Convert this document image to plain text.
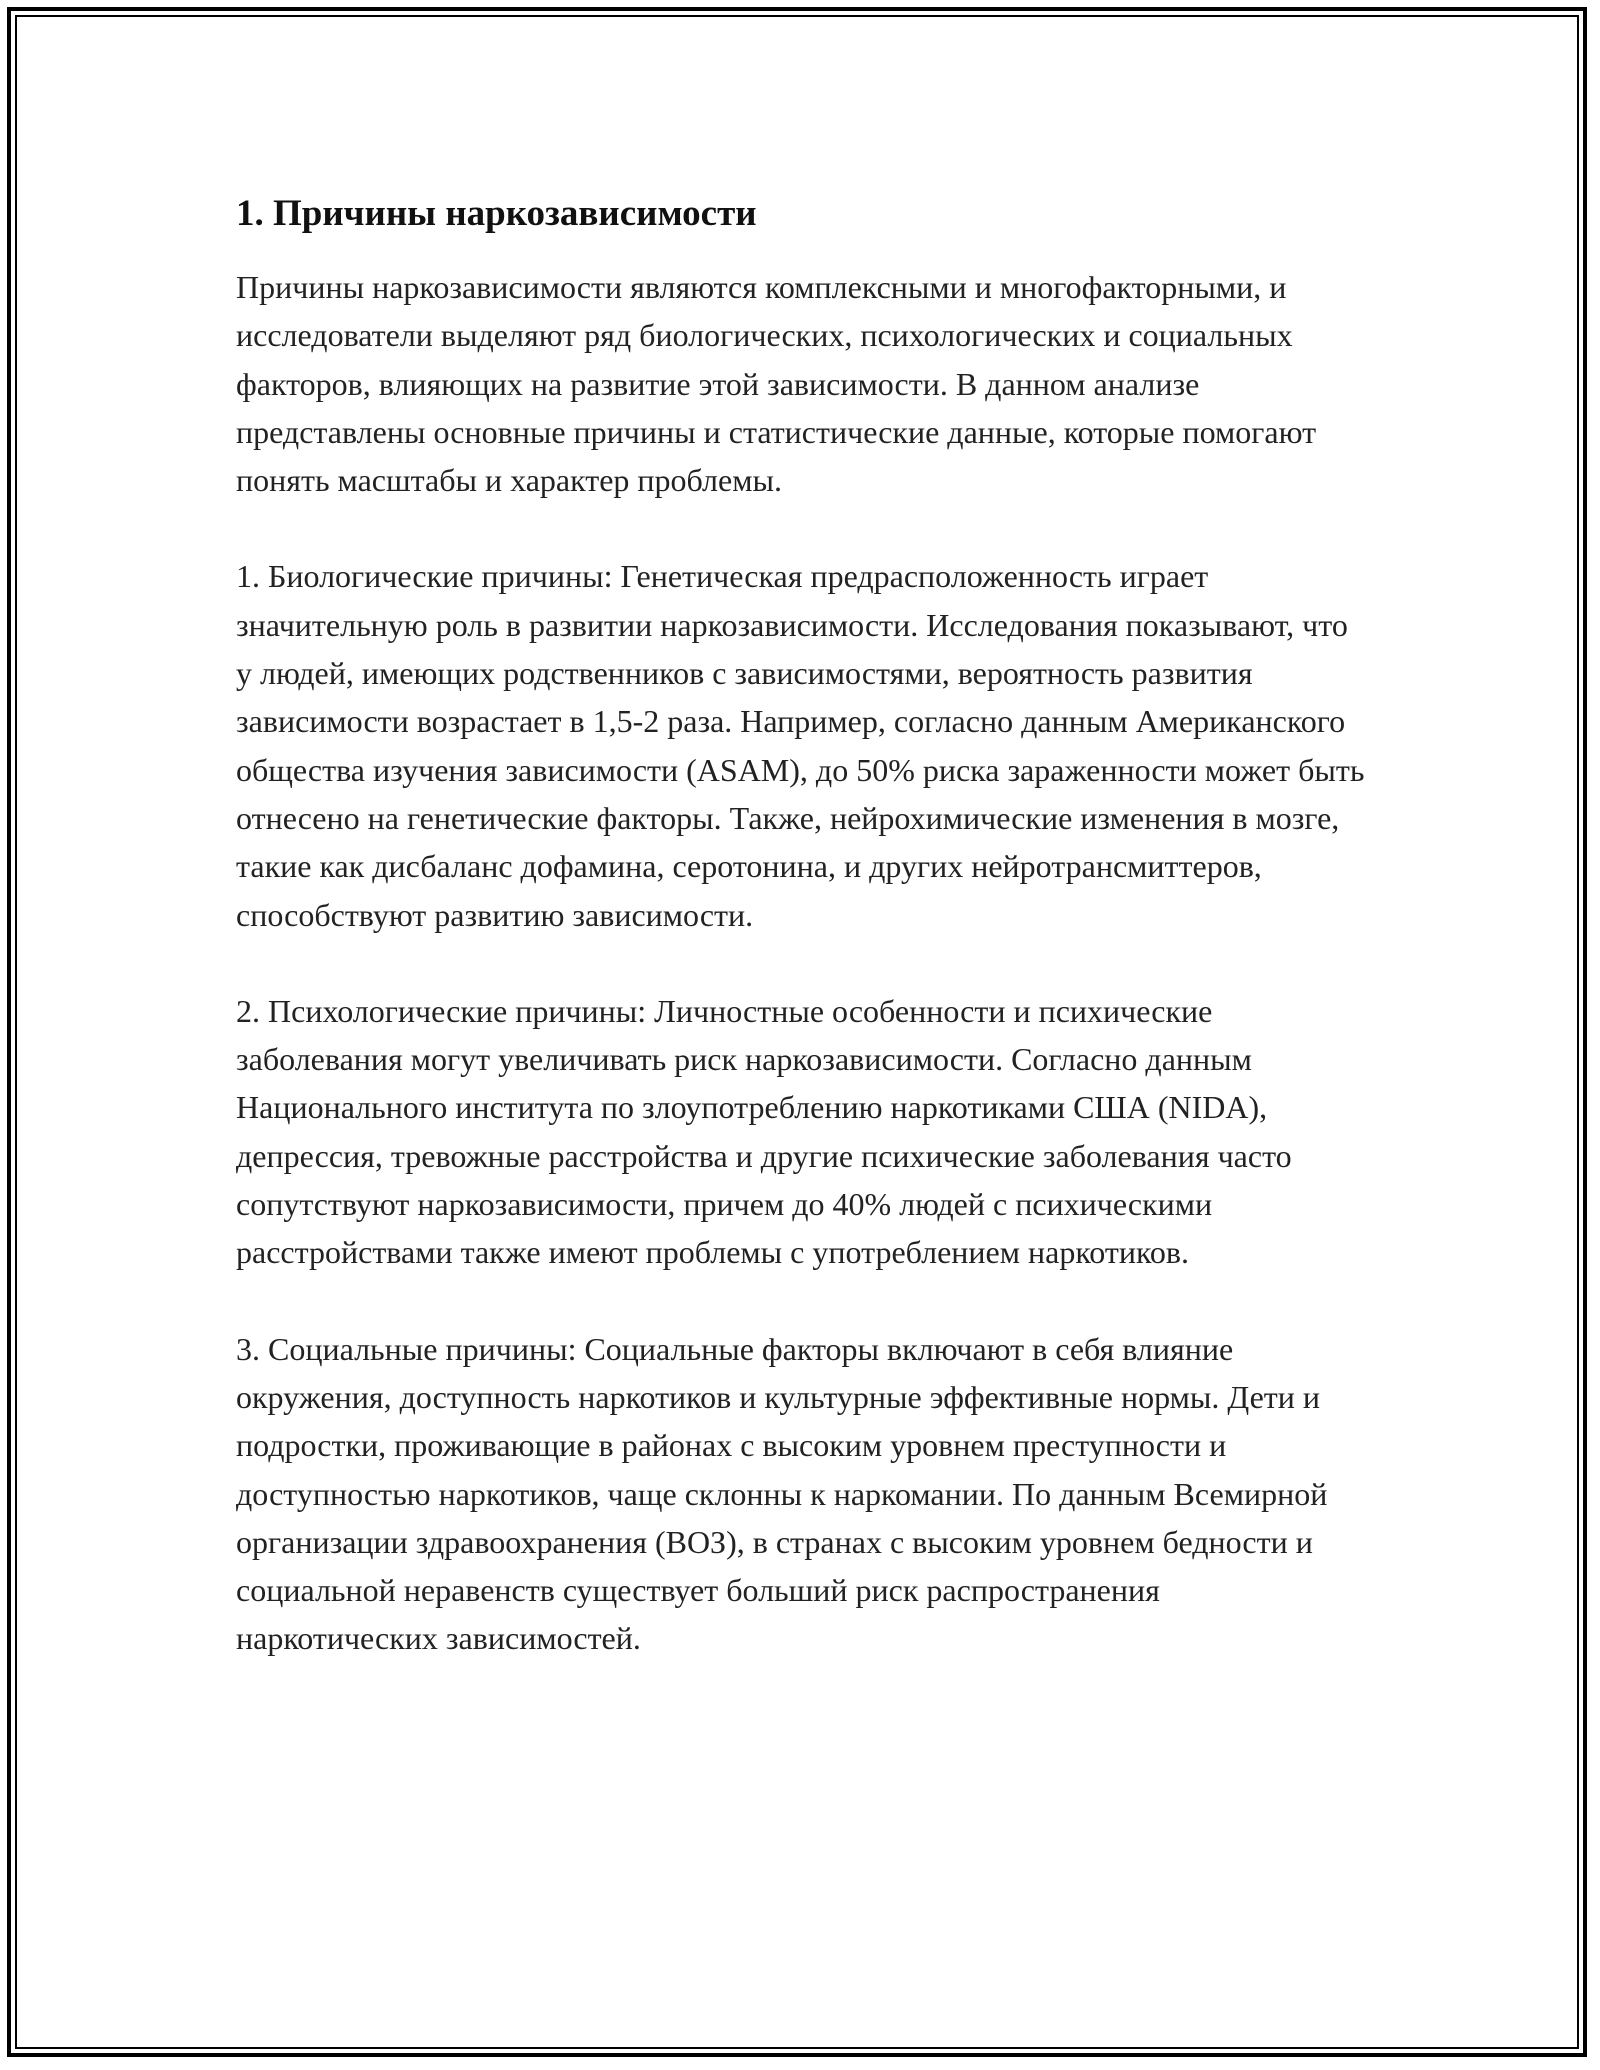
1. Причины наркозависимости

Причины наркозависимости являются комплексными и многофакторными, и исследователи выделяют ряд биологических, психологических и социальных факторов, влияющих на развитие этой зависимости. В данном анализе представлены основные причины и статистические данные, которые помогают понять масштабы и характер проблемы.

1. Биологические причины: Генетическая предрасположенность играет значительную роль в развитии наркозависимости. Исследования показывают, что у людей, имеющих родственников с зависимостями, вероятность развития зависимости возрастает в 1,5-2 раза. Например, согласно данным Американского общества изучения зависимости (ASAM), до 50% риска зараженности может быть отнесено на генетические факторы. Также, нейрохимические изменения в мозге, такие как дисбаланс дофамина, серотонина, и других нейротрансмиттеров, способствуют развитию зависимости.

2. Психологические причины: Личностные особенности и психические заболевания могут увеличивать риск наркозависимости. Согласно данным Национального института по злоупотреблению наркотиками США (NIDA), депрессия, тревожные расстройства и другие психические заболевания часто сопутствуют наркозависимости, причем до 40% людей с психическими расстройствами также имеют проблемы с употреблением наркотиков.

3. Социальные причины: Социальные факторы включают в себя влияние окружения, доступность наркотиков и культурные эффективные нормы. Дети и подростки, проживающие в районах с высоким уровнем преступности и доступностью наркотиков, чаще склонны к наркомании. По данным Всемирной организации здравоохранения (ВОЗ), в странах с высоким уровнем бедности и социальной неравенств существует больший риск распространения наркотических зависимостей.
